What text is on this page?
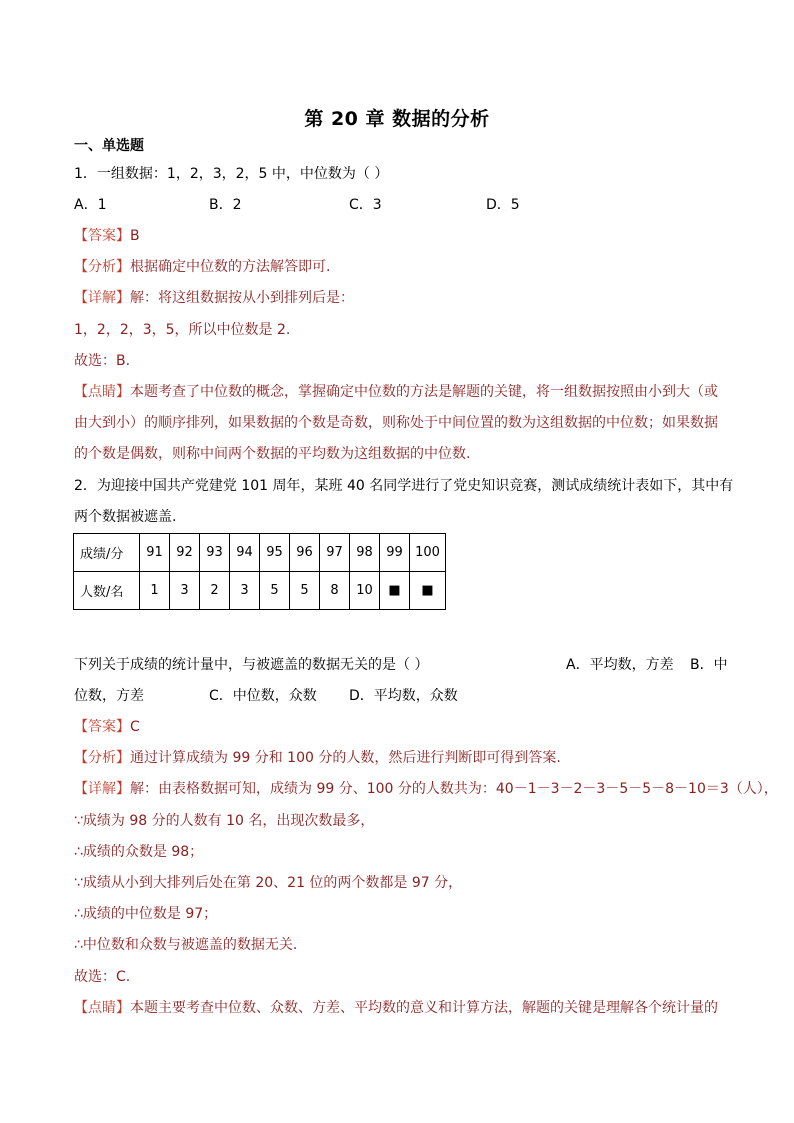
第 20 章 数据的分析
一、单选题
1．一组数据：1，2，3，2，5 中，中位数为（ ）
A．1	B．2	C．3	D．5
【答案】B
【分析】根据确定中位数的方法解答即可.
【详解】解：将这组数据按从小到排列后是：
1，2，2，3，5，所以中位数是 2.
故选：B.
【点睛】本题考查了中位数的概念，掌握确定中位数的方法是解题的关键，将一组数据按照由小到大（或
由大到小）的顺序排列，如果数据的个数是奇数，则称处于中间位置的数为这组数据的中位数；如果数据
的个数是偶数，则称中间两个数据的平均数为这组数据的中位数.
2．为迎接中国共产党建党 101 周年，某班 40 名同学进行了党史知识竞赛，测试成绩统计表如下，其中有
两个数据被遮盖.
成绩/分	91	92	93	94	95	96	97	98	99	100
人数/名	1	3	2	3	5	5	8	10	■	■
下列关于成绩的统计量中，与被遮盖的数据无关的是（ ）	A．平均数，方差 B．中
位数，方差	C．中位数，众数 D．平均数，众数
【答案】C
【分析】通过计算成绩为 99 分和 100 分的人数，然后进行判断即可得到答案.
【详解】解：由表格数据可知，成绩为 99 分、100 分的人数共为：40－1－3－2－3－5－5－8－10＝3（人），
∵成绩为 98 分的人数有 10 名，出现次数最多，
∴成绩的众数是 98；
∵成绩从小到大排列后处在第 20、21 位的两个数都是 97 分，
∴成绩的中位数是 97；
∴中位数和众数与被遮盖的数据无关.
故选：C.
【点睛】本题主要考查中位数、众数、方差、平均数的意义和计算方法，解题的关键是理解各个统计量的
